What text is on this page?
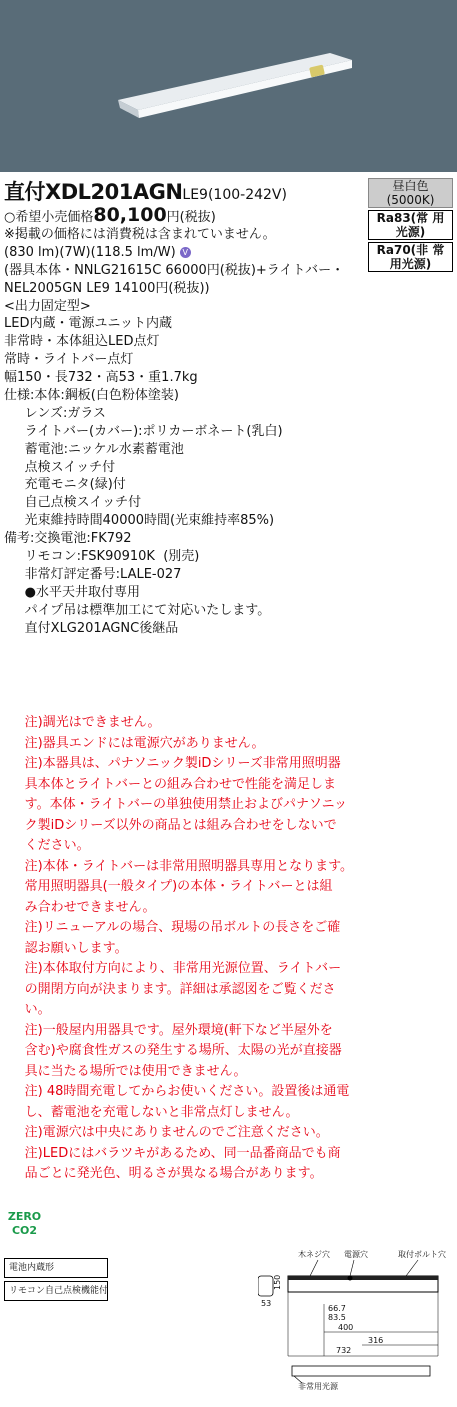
直付XDL201AGNLE9(100-242V)
昼白色(5000K)
Ra83(常 用 光源)
Ra70(非 常 用光源)
○希望小売価格80,100円(税抜)
※掲載の価格には消費税は含まれていません。
(830 lm)(7W)(118.5 lm/W) V
(器具本体・NNLG21615C 66000円(税抜)+ライトバー・
NEL2005GN LE9 14100円(税抜))
<出力固定型>
LED内蔵・電源ユニット内蔵
非常時・本体組込LED点灯
常時・ライトバー点灯
幅150・長732・高53・重1.7kg
仕様:本体:鋼板(白色粉体塗装)
レンズ:ガラス
ライトバー(カバー):ポリカーボネート(乳白)
蓄電池:ニッケル水素蓄電池
点検スイッチ付
充電モニタ(緑)付
自己点検スイッチ付
光束維持時間40000時間(光束維持率85%)
備考:交換電池:FK792
リモコン:FSK90910K  (別売)
非常灯評定番号:LALE-027
●水平天井取付専用
パイプ吊は標準加工にて対応いたします。
直付XLG201AGNC後継品
注)調光はできません。
注)器具エンドには電源穴がありません。
注)本器具は、パナソニック製iDシリーズ非常用照明器
具本体とライトバーとの組み合わせで性能を満足しま
す。本体・ライトバーの単独使用禁止およびパナソニッ
ク製iDシリーズ以外の商品とは組み合わせをしないで
ください。
注)本体・ライトバーは非常用照明器具専用となります。
常用照明器具(一般タイプ)の本体・ライトバーとは組
み合わせできません。
注)リニューアルの場合、現場の吊ボルトの長さをご確
認お願いします。
注)本体取付方向により、非常用光源位置、ライトバー
の開閉方向が決まります。詳細は承認図をご覧くださ
い。
注)一般屋内用器具です。屋外環境(軒下など半屋外を
含む)や腐食性ガスの発生する場所、太陽の光が直接器
具に当たる場所では使用できません。
注) 48時間充電してからお使いください。設置後は通電
し、蓄電池を充電しないと非常点灯しません。
注)電源穴は中央にありませんのでご注意ください。
注)LEDにはバラツキがあるため、同一品番商品でも商
品ごとに発光色、明るさが異なる場合があります。
ZERO
CO2
電池内蔵形
リモコン自己点検機能付
木ネジ穴 電源穴	取付ボルト穴
150
53
66.7
83.5
400
316
732
非常用光源
